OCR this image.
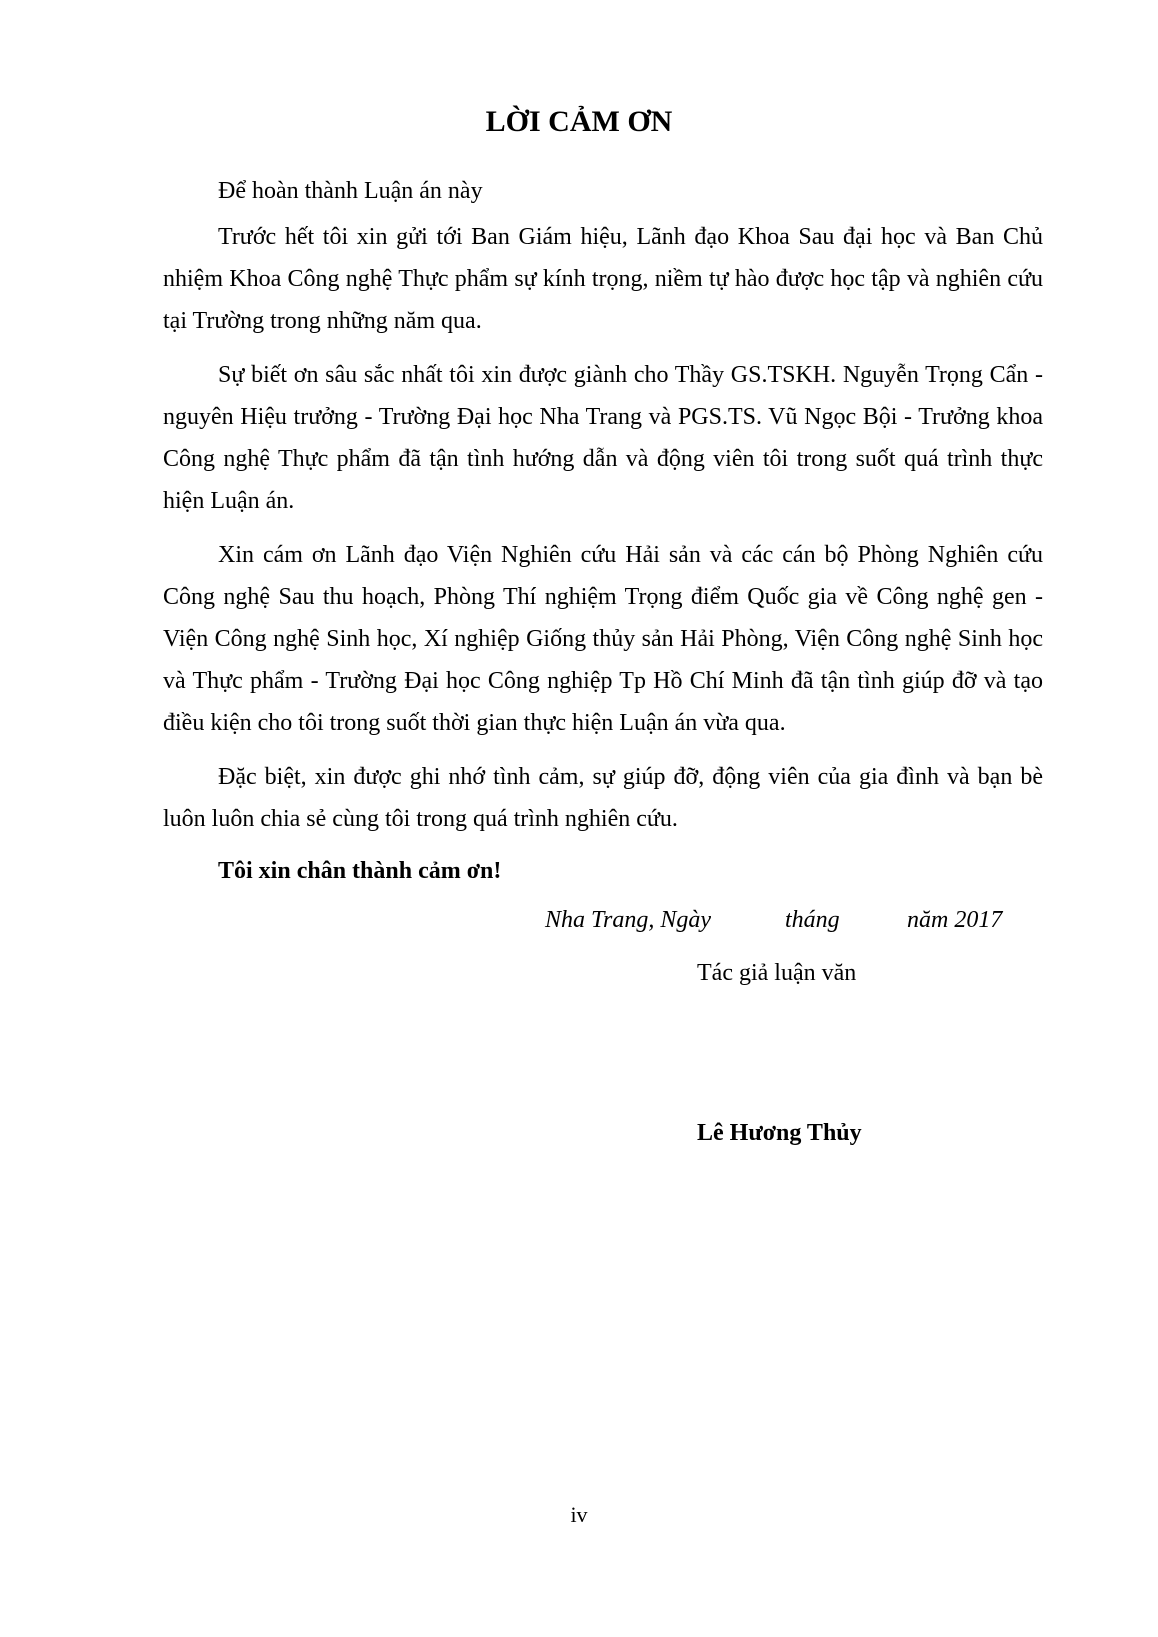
LỜI CẢM ƠN

Để hoàn thành Luận án này

Trước hết tôi xin gửi tới Ban Giám hiệu, Lãnh đạo Khoa Sau đại học và Ban Chủ nhiệm Khoa Công nghệ Thực phẩm sự kính trọng, niềm tự hào được học tập và nghiên cứu tại Trường trong những năm qua.

Sự biết ơn sâu sắc nhất tôi xin được giành cho Thầy GS.TSKH. Nguyễn Trọng Cẩn - nguyên Hiệu trưởng - Trường Đại học Nha Trang và PGS.TS. Vũ Ngọc Bội - Trưởng khoa Công nghệ Thực phẩm đã tận tình hướng dẫn và động viên tôi trong suốt quá trình thực hiện Luận án.

Xin cám ơn Lãnh đạo Viện Nghiên cứu Hải sản và các cán bộ Phòng Nghiên cứu Công nghệ Sau thu hoạch, Phòng Thí nghiệm Trọng điểm Quốc gia về Công nghệ gen - Viện Công nghệ Sinh học, Xí nghiệp Giống thủy sản Hải Phòng, Viện Công nghệ Sinh học và Thực phẩm - Trường Đại học Công nghiệp Tp Hồ Chí Minh đã tận tình giúp đỡ và tạo điều kiện cho tôi trong suốt thời gian thực hiện Luận án vừa qua.

Đặc biệt, xin được ghi nhớ tình cảm, sự giúp đỡ, động viên của gia đình và bạn bè luôn luôn chia sẻ cùng tôi trong quá trình nghiên cứu.

Tôi xin chân thành cảm ơn!
Nha Trang, Ngày	tháng	năm 2017
Tác giả luận văn
Lê Hương Thủy
iv
